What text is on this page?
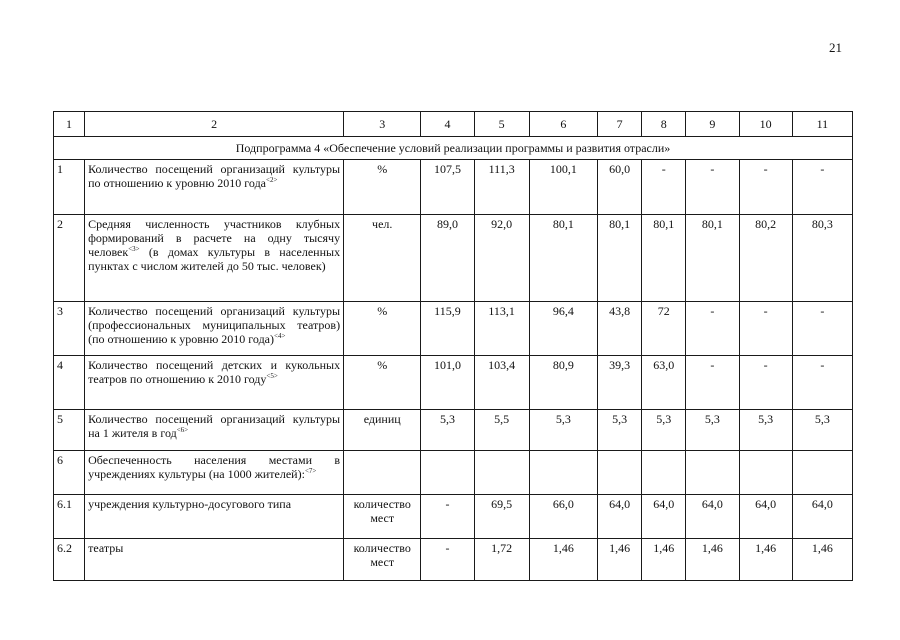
21
1	2	3	4	5	6	7	8	9	10	11
Подпрограмма 4 «Обеспечение условий реализации программы и развития отрасли»										
1	Количество посещений организаций культуры по отношению к уровню 2010 года$^{<2>}$	%	107,5	111,3	100,1	60,0	-	-	-	-
2	Средняя численность участников клубных формирований в расчете на одну тысячу человек$^{<3>}$ (в домах культуры в населенных пунктах с числом жителей до 50 тыс. человек)	чел.	89,0	92,0	80,1	80,1	80,1	80,1	80,2	80,3
3	Количество посещений организаций культуры (профессиональных муниципальных театров) (по отношению к уровню 2010 года)$^{<4>}$	%	115,9	113,1	96,4	43,8	72	-	-	-
4	Количество посещений детских и кукольных театров по отношению к 2010 году$^{<5>}$	%	101,0	103,4	80,9	39,3	63,0	-	-	-
5	Количество посещений организаций культуры на 1 жителя в год$^{<6>}$	единиц	5,3	5,5	5,3	5,3	5,3	5,3	5,3	5,3
6	Обеспеченность населения местами в учреждениях культуры (на 1000 жителей):$^{<7>}$									
6.1	учреждения культурно-досугового типа	количество мест	-	69,5	66,0	64,0	64,0	64,0	64,0	64,0
6.2	театры	количество мест	-	1,72	1,46	1,46	1,46	1,46	1,46	1,46
